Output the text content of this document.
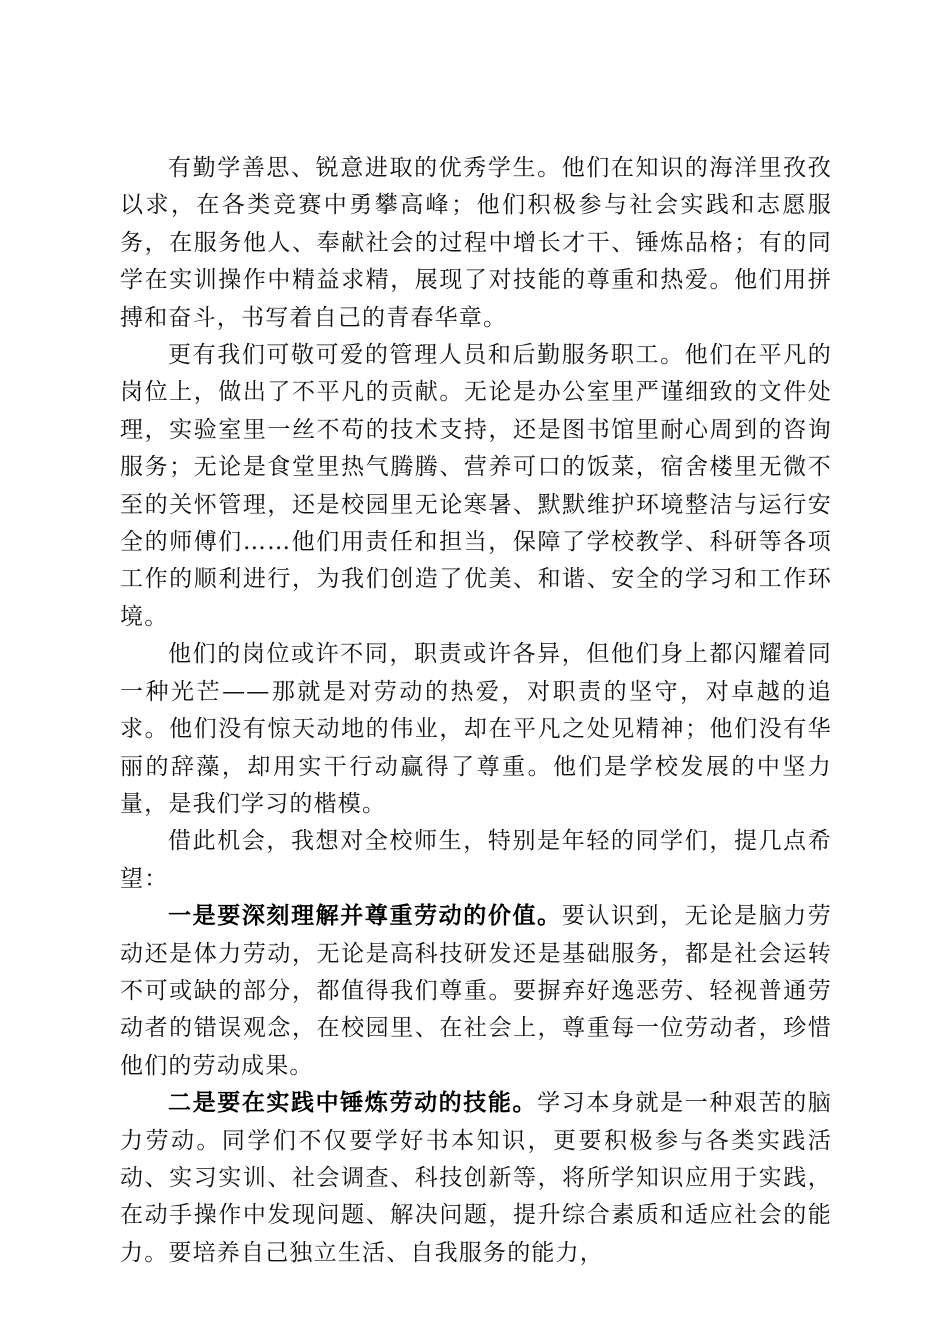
有勤学善思、锐意进取的优秀学生。他们在知识的海洋里孜孜以求，在各类竞赛中勇攀高峰；他们积极参与社会实践和志愿服务，在服务他人、奉献社会的过程中增长才干、锤炼品格；有的同学在实训操作中精益求精，展现了对技能的尊重和热爱。他们用拼搏和奋斗，书写着自己的青春华章。

更有我们可敬可爱的管理人员和后勤服务职工。他们在平凡的岗位上，做出了不平凡的贡献。无论是办公室里严谨细致的文件处理，实验室里一丝不苟的技术支持，还是图书馆里耐心周到的咨询服务；无论是食堂里热气腾腾、营养可口的饭菜，宿舍楼里无微不至的关怀管理，还是校园里无论寒暑、默默维护环境整洁与运行安全的师傅们……他们用责任和担当，保障了学校教学、科研等各项工作的顺利进行，为我们创造了优美、和谐、安全的学习和工作环境。

他们的岗位或许不同，职责或许各异，但他们身上都闪耀着同一种光芒——那就是对劳动的热爱，对职责的坚守，对卓越的追求。他们没有惊天动地的伟业，却在平凡之处见精神；他们没有华丽的辞藻，却用实干行动赢得了尊重。他们是学校发展的中坚力量，是我们学习的楷模。

借此机会，我想对全校师生，特别是年轻的同学们，提几点希望：

一是要深刻理解并尊重劳动的价值。要认识到，无论是脑力劳动还是体力劳动，无论是高科技研发还是基础服务，都是社会运转不可或缺的部分，都值得我们尊重。要摒弃好逸恶劳、轻视普通劳动者的错误观念，在校园里、在社会上，尊重每一位劳动者，珍惜他们的劳动成果。

二是要在实践中锤炼劳动的技能。学习本身就是一种艰苦的脑力劳动。同学们不仅要学好书本知识，更要积极参与各类实践活动、实习实训、社会调查、科技创新等，将所学知识应用于实践，在动手操作中发现问题、解决问题，提升综合素质和适应社会的能力。要培养自己独立生活、自我服务的能力，
